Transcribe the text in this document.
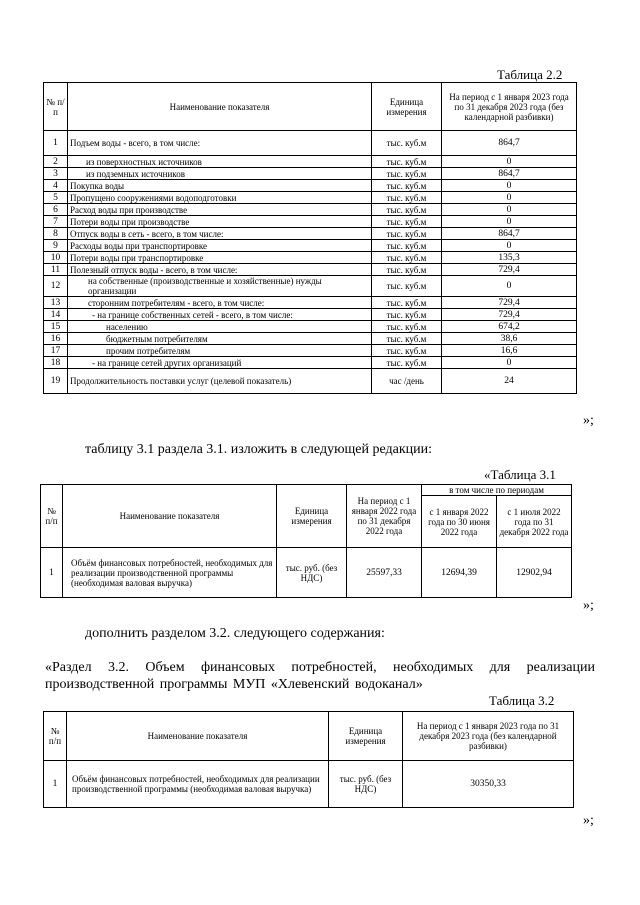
Таблица 2.2
№ п/п	Наименование показателя	Единица измерения	На период с 1 января 2023 года по 31 декабря 2023 года (без календарной разбивки)
1	Подъем воды - всего, в том числе:	тыс. куб.м	864,7
2	из поверхностных источников	тыс. куб.м	0
3	из подземных источников	тыс. куб.м	864,7
4	Покупка воды	тыс. куб.м	0
5	Пропущено сооружениями водоподготовки	тыс. куб.м	0
6	Расход воды при производстве	тыс. куб.м	0
7	Потери воды при производстве	тыс. куб.м	0
8	Отпуск воды в сеть - всего, в том числе:	тыс. куб.м	864,7
9	Расходы воды при транспортировке	тыс. куб.м	0
10	Потери воды при транспортировке	тыс. куб.м	135,3
11	Полезный отпуск воды - всего, в том числе:	тыс. куб.м	729,4
12	на собственные (производственные и хозяйственные) нужды организации	тыс. куб.м	0
13	сторонним потребителям - всего, в том числе:	тыс. куб.м	729,4
14	- на границе собственных сетей - всего, в том числе:	тыс. куб.м	729,4
15	населению	тыс. куб.м	674,2
16	бюджетным потребителям	тыс. куб.м	38,6
17	прочим потребителям	тыс. куб.м	16,6
18	- на границе сетей других организаций	тыс. куб.м	0
19	Продолжительность поставки услуг (целевой показатель)	час /день	24
»;
таблицу 3.1 раздела 3.1. изложить в следующей редакции:
«Таблица 3.1
№ п/п	Наименование показателя	Единица измерения	На период с 1 января 2022 года по 31 декабря 2022 года	в том числе по периодам	
				с 1 января 2022 года по 30 июня 2022 года	с 1 июля 2022 года по 31 декабря 2022 года
1	Объём финансовых потребностей, необходимых для реализации производственной программы (необходимая валовая выручка)	тыс. руб. (без НДС)	25597,33	12694,39	12902,94
»;
дополнить разделом 3.2. следующего содержания:
«Раздел 3.2. Объем финансовых потребностей, необходимых для реализации производственной программы МУП «Хлевенский водоканал»
Таблица 3.2
№ п/п	Наименование показателя	Единица измерения	На период с 1 января 2023 года по 31 декабря 2023 года (без календарной разбивки)
1	Объём финансовых потребностей, необходимых для реализации производственной программы (необходимая валовая выручка)	тыс. руб. (без НДС)	30350,33
»;
